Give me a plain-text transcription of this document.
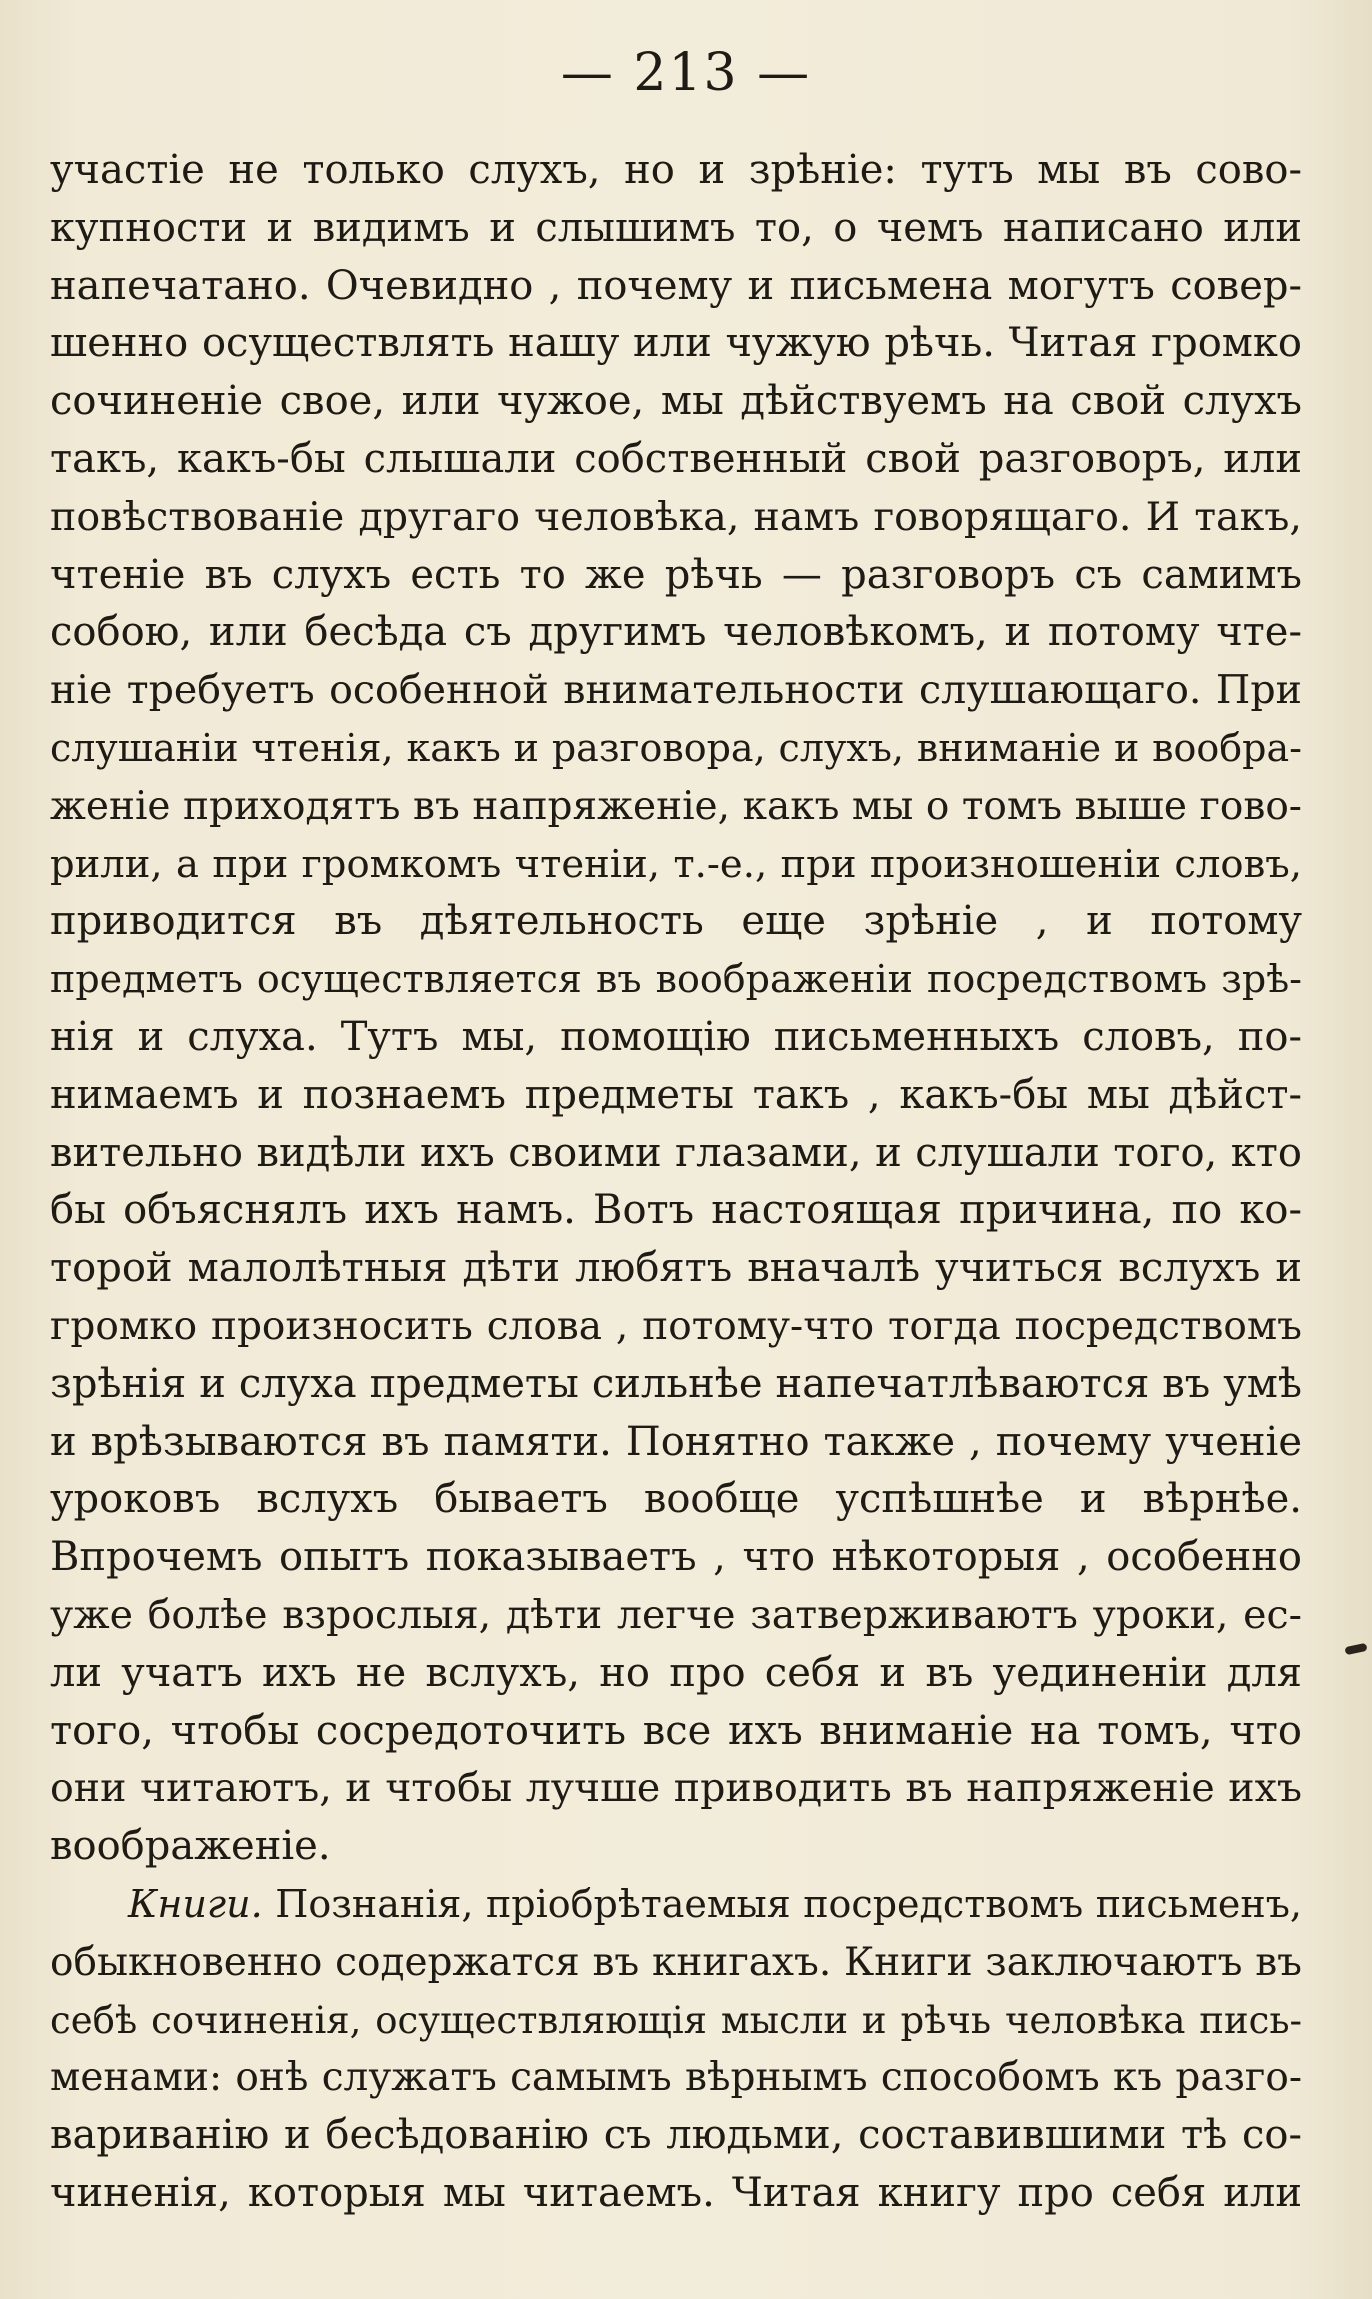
— 213 —
участіе не только слухъ, но и зрѣніе: тутъ мы въ сово-
купности и видимъ и слышимъ то, о чемъ написано или
напечатано. Очевидно , почему и письмена могутъ совер-
шенно осуществлять нашу или чужую рѣчь. Читая громко
сочиненіе свое, или чужое, мы дѣйствуемъ на свой слухъ
такъ, какъ-бы слышали собственный свой разговоръ, или
повѣствованіе другаго человѣка, намъ говорящаго. И такъ,
чтеніе въ слухъ есть то же рѣчь — разговоръ съ самимъ
собою, или бесѣда съ другимъ человѣкомъ, и потому чте-
ніе требуетъ особенной внимательности слушающаго. При
слушаніи чтенія, какъ и разговора, слухъ, вниманіе и вообра-
женіе приходятъ въ напряженіе, какъ мы о томъ выше гово-
рили, а при громкомъ чтеніи, т.-е., при произношеніи словъ,
приводится въ дѣятельность еще зрѣніе , и потому
предметъ осуществляется въ воображеніи посредствомъ зрѣ-
нія и слуха. Тутъ мы, помощію письменныхъ словъ, по-
нимаемъ и познаемъ предметы такъ , какъ-бы мы дѣйст-
вительно видѣли ихъ своими глазами, и слушали того, кто
бы объяснялъ ихъ намъ. Вотъ настоящая причина, по ко-
торой малолѣтныя дѣти любятъ вначалѣ учиться вслухъ и
громко произносить слова , потому-что тогда посредствомъ
зрѣнія и слуха предметы сильнѣе напечатлѣваются въ умѣ
и врѣзываются въ памяти. Понятно также , почему ученіе
уроковъ вслухъ бываетъ вообще успѣшнѣе и вѣрнѣе.
Впрочемъ опытъ показываетъ , что нѣкоторыя , особенно
уже болѣе взрослыя, дѣти легче затверживаютъ уроки, ес-
ли учатъ ихъ не вслухъ, но про себя и въ уединеніи для
того, чтобы сосредоточить все ихъ вниманіе на томъ, что
они читаютъ, и чтобы лучше приводить въ напряженіе ихъ
воображеніе.
Книги. Познанія, пріобрѣтаемыя посредствомъ письменъ,
обыкновенно содержатся въ книгахъ. Книги заключаютъ въ
себѣ сочиненія, осуществляющія мысли и рѣчь человѣка пись-
менами: онѣ служатъ самымъ вѣрнымъ способомъ къ разго-
вариванію и бесѣдованію съ людьми, составившими тѣ со-
чиненія, которыя мы читаемъ. Читая книгу про себя или
